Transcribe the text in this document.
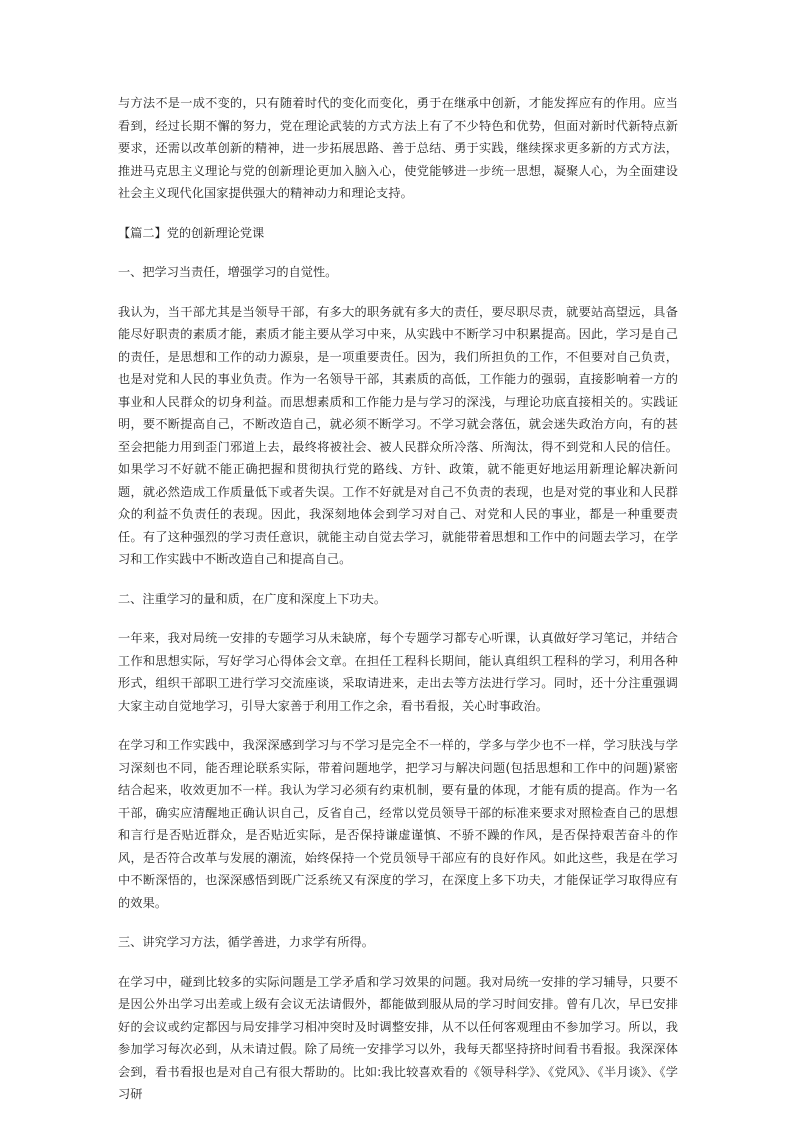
与方法不是一成不变的，只有随着时代的变化而变化，勇于在继承中创新，才能发挥应有的作用。应当看到，经过长期不懈的努力，党在理论武装的方式方法上有了不少特色和优势，但面对新时代新特点新要求，还需以改革创新的精神，进一步拓展思路、善于总结、勇于实践，继续探求更多新的方式方法，推进马克思主义理论与党的创新理论更加入脑入心，使党能够进一步统一思想，凝聚人心，为全面建设社会主义现代化国家提供强大的精神动力和理论支持。

【篇二】党的创新理论党课

一、把学习当责任，增强学习的自觉性。

我认为，当干部尤其是当领导干部，有多大的职务就有多大的责任，要尽职尽责，就要站高望远，具备能尽好职责的素质才能，素质才能主要从学习中来，从实践中不断学习中积累提高。因此，学习是自己的责任，是思想和工作的动力源泉，是一项重要责任。因为，我们所担负的工作，不但要对自己负责，也是对党和人民的事业负责。作为一名领导干部，其素质的高低，工作能力的强弱，直接影响着一方的事业和人民群众的切身利益。而思想素质和工作能力是与学习的深浅，与理论功底直接相关的。实践证明，要不断提高自己，不断改造自己，就必须不断学习。不学习就会落伍，就会迷失政治方向，有的甚至会把能力用到歪门邪道上去，最终将被社会、被人民群众所冷落、所淘汰，得不到党和人民的信任。如果学习不好就不能正确把握和贯彻执行党的路线、方针、政策，就不能更好地运用新理论解决新问题，就必然造成工作质量低下或者失误。工作不好就是对自己不负责的表现，也是对党的事业和人民群众的利益不负责任的表现。因此，我深刻地体会到学习对自己、对党和人民的事业，都是一种重要责任。有了这种强烈的学习责任意识，就能主动自觉去学习，就能带着思想和工作中的问题去学习，在学习和工作实践中不断改造自己和提高自己。

二、注重学习的量和质，在广度和深度上下功夫。

一年来，我对局统一安排的专题学习从未缺席，每个专题学习都专心听课，认真做好学习笔记，并结合工作和思想实际，写好学习心得体会文章。在担任工程科长期间，能认真组织工程科的学习，利用各种形式，组织干部职工进行学习交流座谈，采取请进来，走出去等方法进行学习。同时，还十分注重强调大家主动自觉地学习，引导大家善于利用工作之余，看书看报，关心时事政治。

在学习和工作实践中，我深深感到学习与不学习是完全不一样的，学多与学少也不一样，学习肤浅与学习深刻也不同，能否理论联系实际，带着问题地学，把学习与解决问题(包括思想和工作中的问题)紧密结合起来，收效更加不一样。我认为学习必须有约束机制，要有量的体现，才能有质的提高。作为一名干部，确实应清醒地正确认识自己，反省自己，经常以党员领导干部的标准来要求对照检查自己的思想和言行是否贴近群众，是否贴近实际，是否保持谦虚谨慎、不骄不躁的作风，是否保持艰苦奋斗的作风，是否符合改革与发展的潮流，始终保持一个党员领导干部应有的良好作风。如此这些，我是在学习中不断深悟的，也深深感悟到既广泛系统又有深度的学习，在深度上多下功夫，才能保证学习取得应有的效果。

三、讲究学习方法，循学善进，力求学有所得。

在学习中，碰到比较多的实际问题是工学矛盾和学习效果的问题。我对局统一安排的学习辅导，只要不是因公外出学习出差或上级有会议无法请假外，都能做到服从局的学习时间安排。曾有几次，早已安排好的会议或约定都因与局安排学习相冲突时及时调整安排，从不以任何客观理由不参加学习。所以，我参加学习每次必到，从未请过假。除了局统一安排学习以外，我每天都坚持挤时间看书看报。我深深体会到，看书看报也是对自己有很大帮助的。比如:我比较喜欢看的《领导科学》、《党风》、《半月谈》、《学习研
